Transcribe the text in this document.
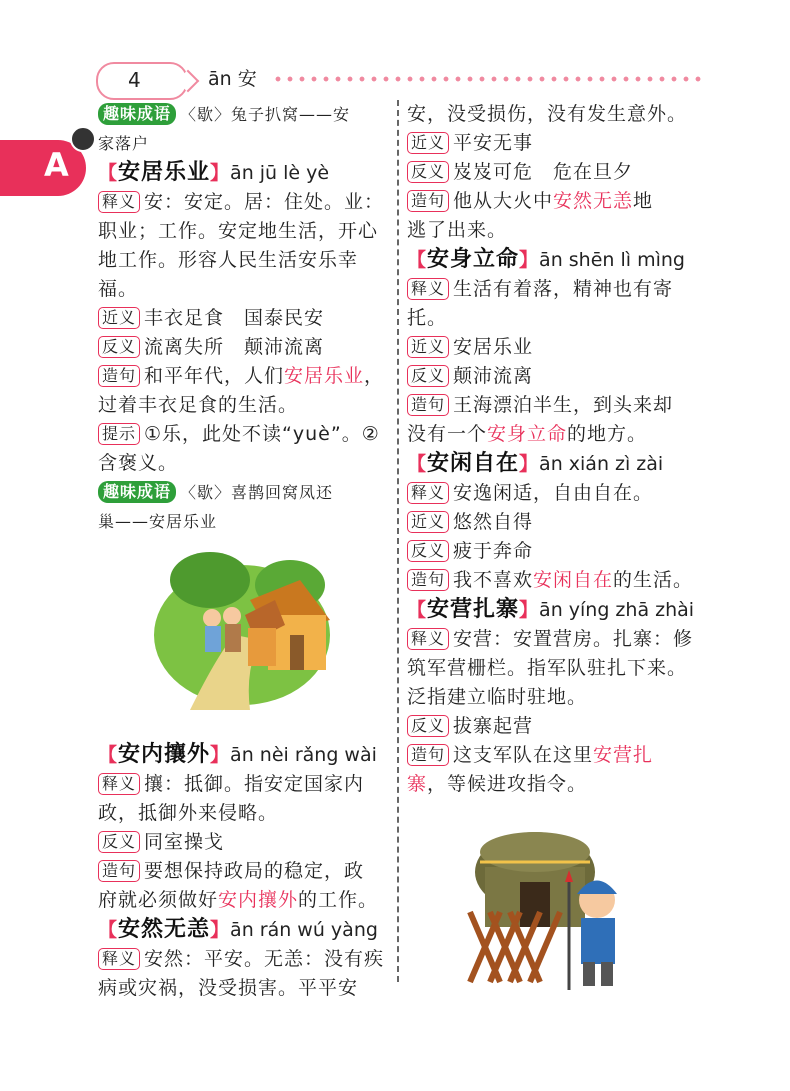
4	ān 安
A
趣味成语 〈歇〉兔子扒窝——安
家落户
【安居乐业】ān jū lè yè
释义 安：安定。居：住处。业：
职业；工作。安定地生活，开心
地工作。形容人民生活安乐幸
福。
近义 丰衣足食　国泰民安
反义 流离失所　颠沛流离
造句 和平年代，人们安居乐业，
过着丰衣足食的生活。
提示 ①乐，此处不读“yuè”。②
含褒义。
趣味成语 〈歇〉喜鹊回窝凤还
巢——安居乐业
【安内攘外】ān nèi rǎng wài
释义 攘：抵御。指安定国家内
政，抵御外来侵略。
反义 同室操戈
造句 要想保持政局的稳定，政
府就必须做好安内攘外的工作。
【安然无恙】ān rán wú yàng
释义 安然：平安。无恙：没有疾
病或灾祸，没受损害。平平安
安，没受损伤，没有发生意外。
近义 平安无事
反义 岌岌可危　危在旦夕
造句 他从大火中安然无恙地
逃了出来。
【安身立命】ān shēn lì mìng
释义 生活有着落，精神也有寄
托。
近义 安居乐业
反义 颠沛流离
造句 王海漂泊半生，到头来却
没有一个安身立命的地方。
【安闲自在】ān xián zì zài
释义 安逸闲适，自由自在。
近义 悠然自得
反义 疲于奔命
造句 我不喜欢安闲自在的生活。
【安营扎寨】ān yíng zhā zhài
释义 安营：安置营房。扎寨：修
筑军营栅栏。指军队驻扎下来。
泛指建立临时驻地。
反义 拔寨起营
造句 这支军队在这里安营扎
寨，等候进攻指令。
